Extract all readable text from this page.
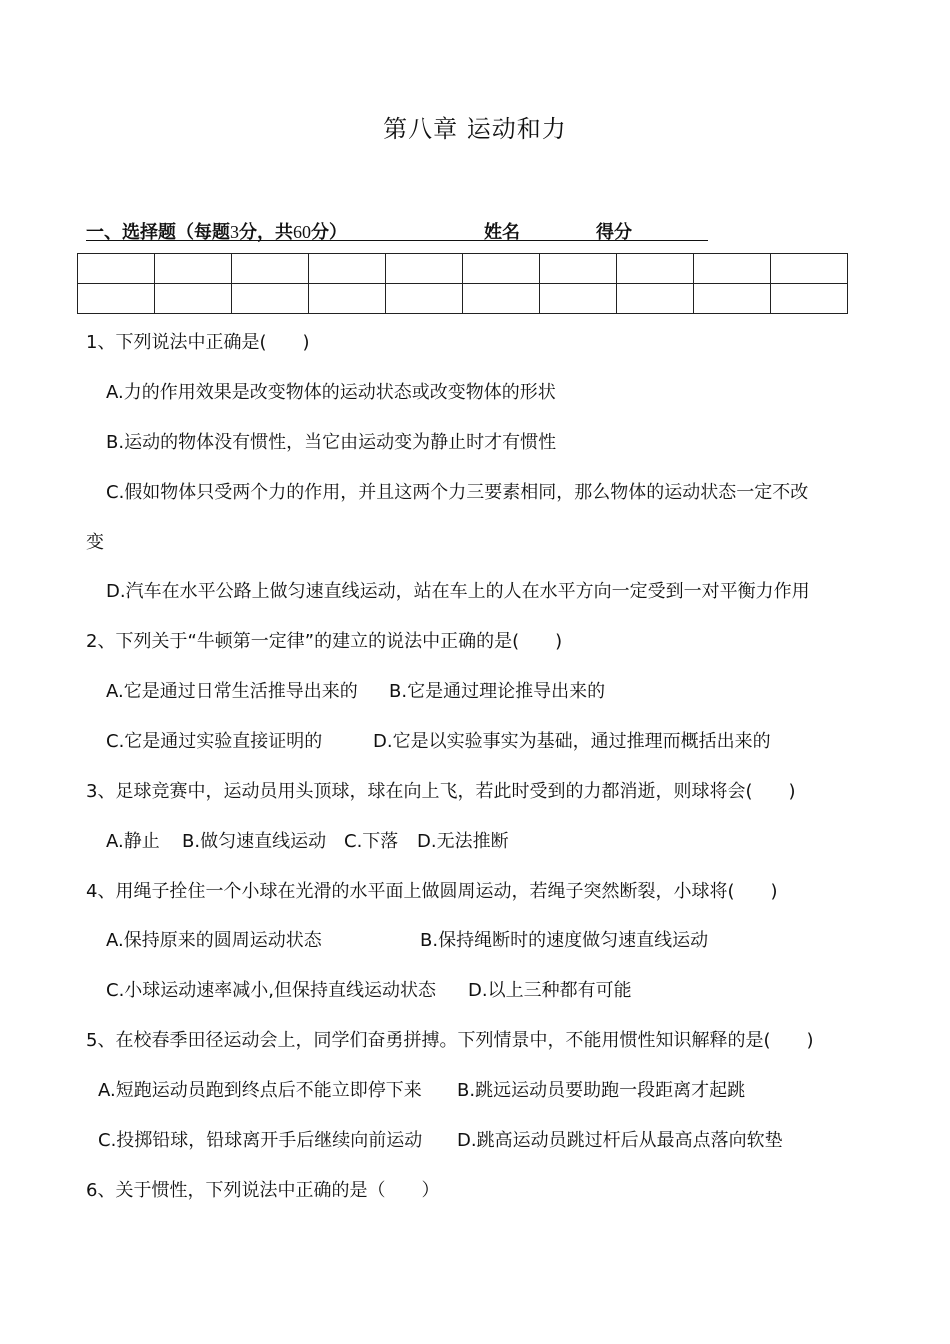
第八章 运动和力
一、选择题（每题3分，共60分）	姓名	得分

1、下列说法中正确是(　　)
A.力的作用效果是改变物体的运动状态或改变物体的形状
B.运动的物体没有惯性，当它由运动变为静止时才有惯性
C.假如物体只受两个力的作用，并且这两个力三要素相同，那么物体的运动状态一定不改
变
D.汽车在水平公路上做匀速直线运动，站在车上的人在水平方向一定受到一对平衡力作用
2、下列关于“牛顿第一定律”的建立的说法中正确的是(　　)
A.它是通过日常生活推导出来的 B.它是通过理论推导出来的
C.它是通过实验直接证明的	D.它是以实验事实为基础，通过推理而概括出来的
3、足球竞赛中，运动员用头顶球，球在向上飞，若此时受到的力都消逝，则球将会(　　)
A.静止 B.做匀速直线运动 C.下落 D.无法推断
4、用绳子拴住一个小球在光滑的水平面上做圆周运动，若绳子突然断裂，小球将(　　)
A.保持原来的圆周运动状态	B.保持绳断时的速度做匀速直线运动
C.小球运动速率减小,但保持直线运动状态 D.以上三种都有可能
5、在校春季田径运动会上，同学们奋勇拼搏。下列情景中，不能用惯性知识解释的是(　　)
A.短跑运动员跑到终点后不能立即停下来 B.跳远运动员要助跑一段距离才起跳
C.投掷铅球，铅球离开手后继续向前运动 D.跳高运动员跳过杆后从最高点落向软垫
6、关于惯性，下列说法中正确的是（　　）
